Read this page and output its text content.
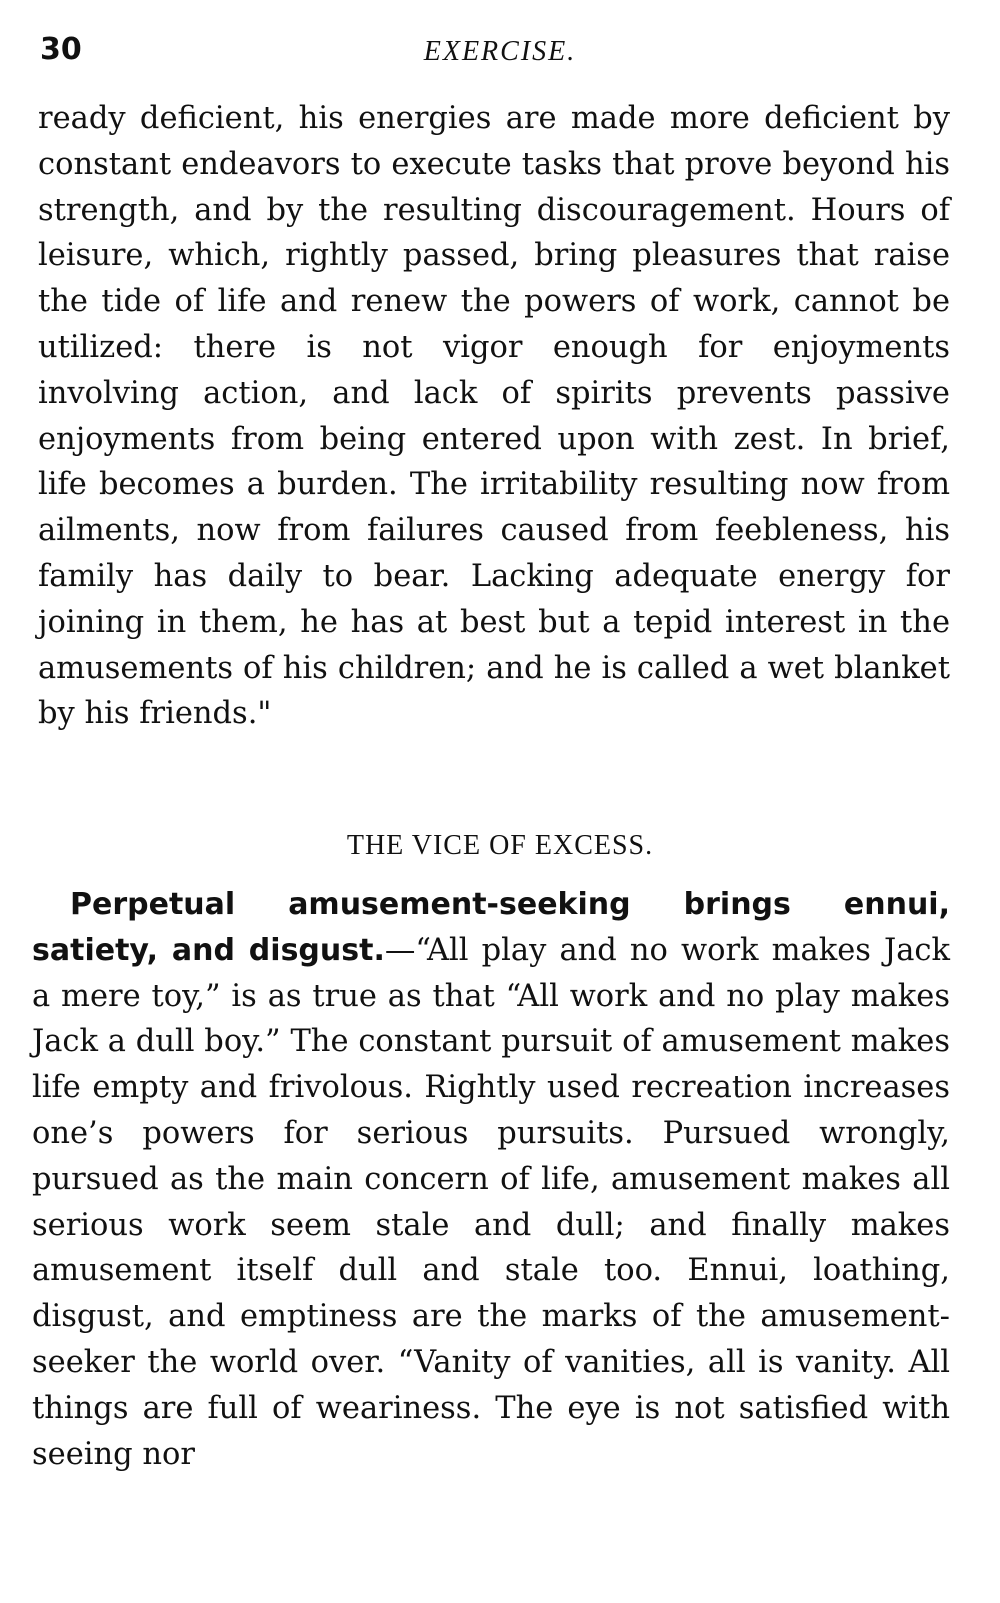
30	EXERCISE.

ready deficient, his energies are made more deficient by constant endeavors to execute tasks that prove beyond his strength, and by the resulting discouragement. Hours of leisure, which, rightly passed, bring pleasures that raise the tide of life and renew the powers of work, cannot be utilized: there is not vigor enough for enjoyments involving action, and lack of spirits prevents passive enjoyments from being entered upon with zest. In brief, life becomes a burden. The irritability resulting now from ailments, now from failures caused from feebleness, his family has daily to bear. Lacking adequate energy for joining in them, he has at best but a tepid interest in the amusements of his children; and he is called a wet blanket by his friends."

THE VICE OF EXCESS.

Perpetual amusement-seeking brings ennui, satiety, and disgust.—“All play and no work makes Jack a mere toy,” is as true as that “All work and no play makes Jack a dull boy.” The constant pursuit of amusement makes life empty and frivolous. Rightly used recreation increases one’s powers for serious pursuits. Pursued wrongly, pursued as the main concern of life, amusement makes all serious work seem stale and dull; and finally makes amusement itself dull and stale too. Ennui, loathing, disgust, and emptiness are the marks of the amusement-seeker the world over. “Vanity of vanities, all is vanity. All things are full of weariness. The eye is not satisfied with seeing nor
